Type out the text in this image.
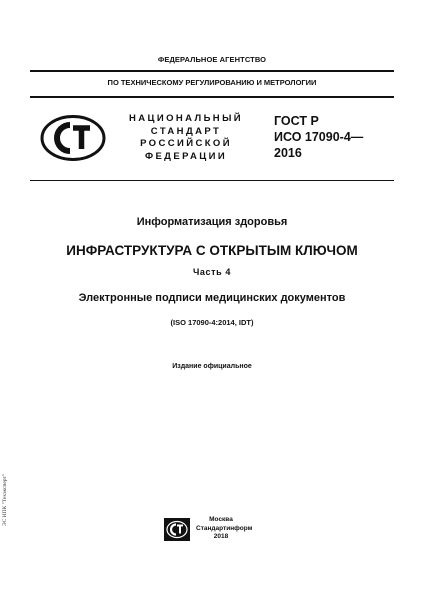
ФЕДЕРАЛЬНОЕ АГЕНТСТВО
ПО ТЕХНИЧЕСКОМУ РЕГУЛИРОВАНИЮ И МЕТРОЛОГИИ
НАЦИОНАЛЬНЫЙ
СТАНДАРТ
РОССИЙСКОЙ
ФЕДЕРАЦИИ
ГОСТ Р
ИСО 17090-4—
2016
Информатизация здоровья
ИНФРАСТРУКТУРА С ОТКРЫТЫМ КЛЮЧОМ
Часть 4
Электронные подписи медицинских документов
(ISO 17090-4:2014, IDT)
Издание официальное
Москва
Стандартинформ
2018
ЭС НПК "Техэксперт"
